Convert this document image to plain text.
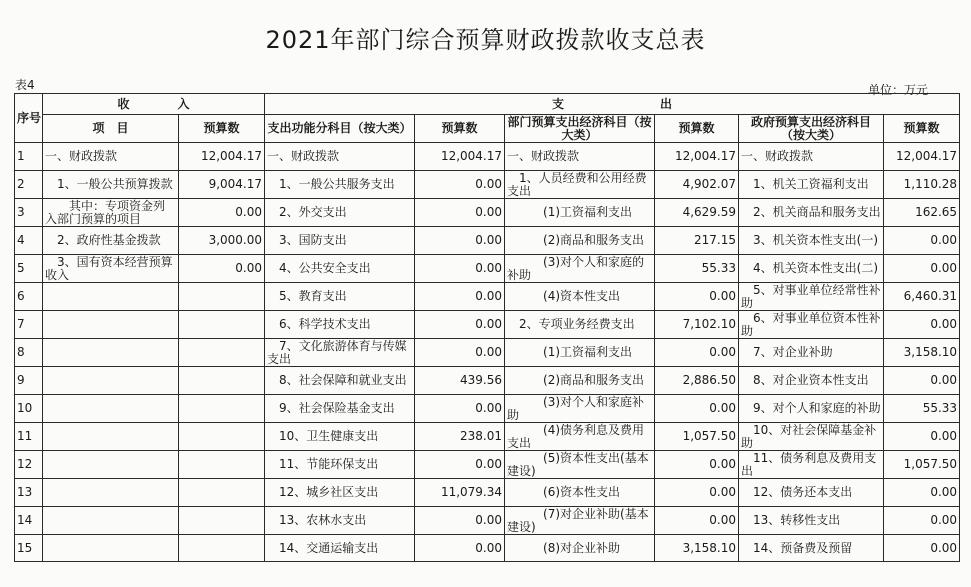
2021年部门综合预算财政拨款收支总表
表4	单位：万元
序号	收　　　　入		支　　　　　　　　出					
	项　目	预算数	支出功能分科目（按大类）	预算数	部门预算支出经济科目（按大类）	预算数	政府预算支出经济科目（按大类）	预算数
1	一、财政拨款	12,004.17	一、财政拨款	12,004.17	一、财政拨款	12,004.17	一、财政拨款	12,004.17
2	　1、一般公共预算拨款	9,004.17	　1、一般公共服务支出	0.00	　1、人员经费和公用经费支出	4,902.07	　1、机关工资福利支出	1,110.28
3	　　其中：专项资金列入部门预算的项目	0.00	　2、外交支出	0.00	　　　(1)工资福利支出	4,629.59	　2、机关商品和服务支出	162.65
4	　2、政府性基金拨款	3,000.00	　3、国防支出	0.00	　　　(2)商品和服务支出	217.15	　3、机关资本性支出(一)	0.00
5	　3、国有资本经营预算收入	0.00	　4、公共安全支出	0.00	　　　(3)对个人和家庭的补助	55.33	　4、机关资本性支出(二)	0.00
6			　5、教育支出	0.00	　　　(4)资本性支出	0.00	　5、对事业单位经常性补助	6,460.31
7			　6、科学技术支出	0.00	　2、专项业务经费支出	7,102.10	　6、对事业单位资本性补助	0.00
8			　7、文化旅游体育与传媒支出	0.00	　　　(1)工资福利支出	0.00	　7、对企业补助	3,158.10
9			　8、社会保障和就业支出	439.56	　　　(2)商品和服务支出	2,886.50	　8、对企业资本性支出	0.00
10			　9、社会保险基金支出	0.00	　　　(3)对个人和家庭补助	0.00	　9、对个人和家庭的补助	55.33
11			　10、卫生健康支出	238.01	　　　(4)债务利息及费用支出	1,057.50	　10、对社会保障基金补助	0.00
12			　11、节能环保支出	0.00	　　　(5)资本性支出(基本建设)	0.00	　11、债务利息及费用支出	1,057.50
13			　12、城乡社区支出	11,079.34	　　　(6)资本性支出	0.00	　12、债务还本支出	0.00
14			　13、农林水支出	0.00	　　　(7)对企业补助(基本建设)	0.00	　13、转移性支出	0.00
15			　14、交通运输支出	0.00	　　　(8)对企业补助	3,158.10	　14、预备费及预留	0.00
